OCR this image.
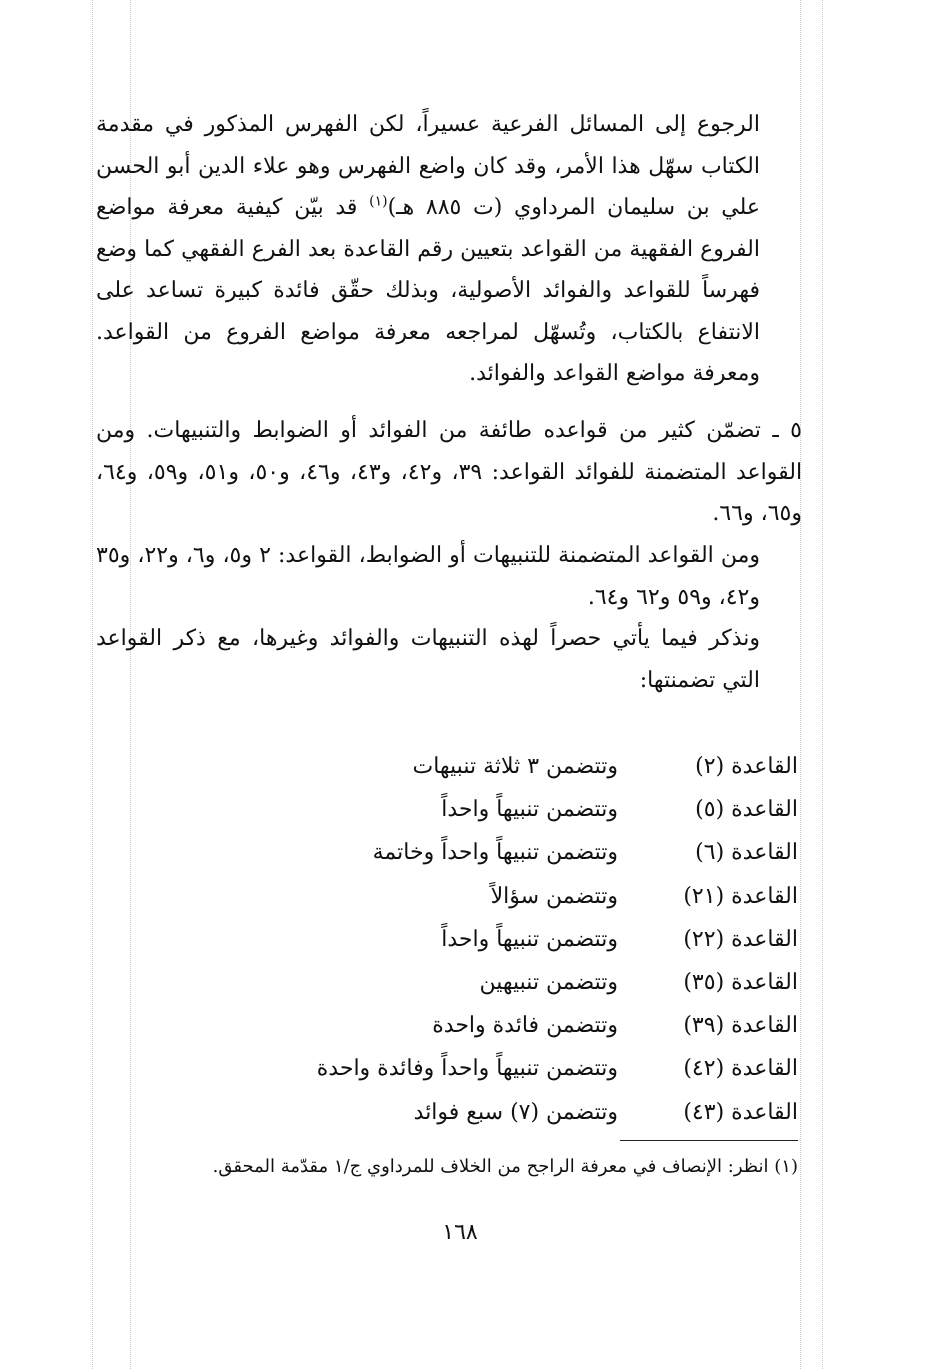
الرجوع إلى المسائل الفرعية عسيراً، لكن الفهرس المذكور في مقدمة الكتاب سهّل هذا الأمر، وقد كان واضع الفهرس وهو علاء الدين أبو الحسن علي بن سليمان المرداوي (ت ٨٨٥ هـ)$^{(١)}$ قد بيّن كيفية معرفة مواضع الفروع الفقهية من القواعد بتعيين رقم القاعدة بعد الفرع الفقهي كما وضع فهرساً للقواعد والفوائد الأصولية، وبذلك حقّق فائدة كبيرة تساعد على الانتفاع بالكتاب، وتُسهّل لمراجعه معرفة مواضع الفروع من القواعد. ومعرفة مواضع القواعد والفوائد.

٥ ـ تضمّن كثير من قواعده طائفة من الفوائد أو الضوابط والتنبيهات. ومن القواعد المتضمنة للفوائد القواعد: ٣٩، و٤٢، و٤٣، و٤٦، و٥٠، و٥١، و٥٩، و٦٤، و٦٥، و٦٦.

ومن القواعد المتضمنة للتنبيهات أو الضوابط، القواعد: ٢ و٥، و٦، و٢٢، و٣٥ و٤٢، و٥٩ و٦٢ و٦٤.

ونذكر فيما يأتي حصراً لهذه التنبيهات والفوائد وغيرها، مع ذكر القواعد التي تضمنتها:

القاعدة (٢)
وتتضمن ٣ ثلاثة تنبيهات
القاعدة (٥)
وتتضمن تنبيهاً واحداً
القاعدة (٦)
وتتضمن تنبيهاً واحداً وخاتمة
القاعدة (٢١)
وتتضمن سؤالاً
القاعدة (٢٢)
وتتضمن تنبيهاً واحداً
القاعدة (٣٥)
وتتضمن تنبيهين
القاعدة (٣٩)
وتتضمن فائدة واحدة
القاعدة (٤٢)
وتتضمن تنبيهاً واحداً وفائدة واحدة
القاعدة (٤٣)
وتتضمن (٧) سبع فوائد

(١) انظر: الإنصاف في معرفة الراجح من الخلاف للمرداوي ج/١ مقدّمة المحقق.

١٦٨
